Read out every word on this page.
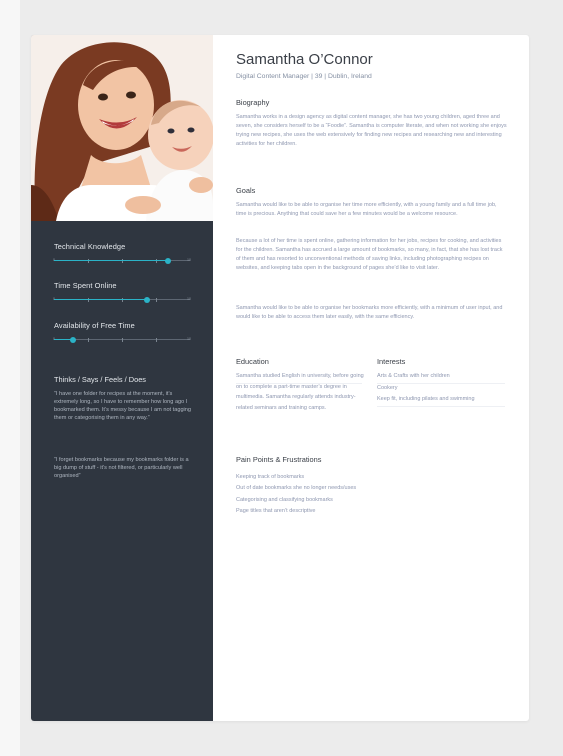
Technical Knowledge
10
Time Spent Online
10
Availability of Free Time
10
Thinks / Says / Feels / Does
“I have one folder for recipes at the moment, it’s extremely long, so I have to remember how long ago I bookmarked them. It’s messy because I am not tagging them or categorising them in any way.”
“I forget bookmarks because my bookmarks folder is a big dump of stuff - it’s not filtered, or particularly well organised”
Samantha O’Connor
Digital Content Manager | 39 | Dublin, Ireland
Biography
Samantha works in a design agency as digital content manager, she has two young children, aged three and seven, she considers herself to be a “Foodie”. Samantha is computer literate, and when not working she enjoys trying new recipes, she uses the web extensively for finding new recipes and researching new and interesting activities for her children.
Goals
Samantha would like to be able to organise her time more efficiently, with a young family and a full time job, time is precious. Anything that could save her a few minutes would be a welcome resource.
Because a lot of her time is spent online, gathering information for her jobs, recipes for cooking, and activities for the children. Samantha has accrued a large amount of bookmarks, so many, in fact, that she has lost track of them and has resorted to unconventional methods of saving links, including photographing recipes on websites, and keeping tabs open in the background of pages she’d like to visit later.
Samantha would like to be able to organise her bookmarks more efficiently, with a minimum of user input, and would like to be able to access them later easily, with the same efficiency.
Education
Samantha studied English in university, before going on to complete a part-time master’s degree in multimedia. Samantha regularly attends industry-related seminars and training camps.
Interests
Arts & Crafts with her children
Cookery
Keep fit, including pilates and swimming
Pain Points & Frustrations
Keeping track of bookmarks
Out of date bookmarks she no longer needs/uses
Categorising and classifying bookmarks
Page titles that aren’t descriptive
